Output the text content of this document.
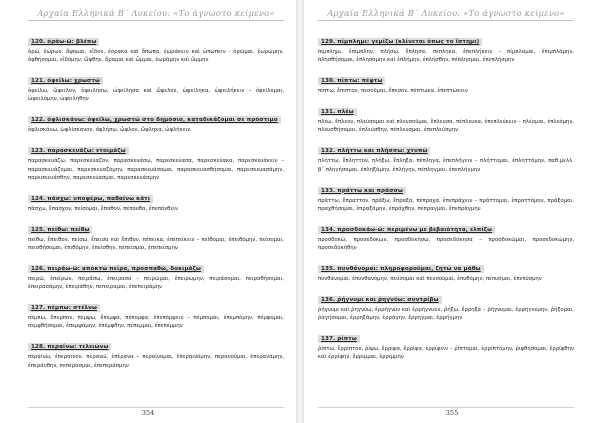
Αρχαία Ελληνικά Β΄ Λυκείου: «Το άγνωστο κείμενο»
120. ὁράω-ῶ: βλέπω

ὁρῶ, ἑώρων, ὄψομαι, εἶδον, ἑόρακα καὶ ὄπωπα, ἑωράκειν καὶ ὠπώπειν - ὁρῶμαι, ἑωρώμην, ὀφθήσομαι, εἰδόμην, ὤφθην, ὅραμαι καὶ ὦμμαι, ἑωράμην καὶ ὤμμην

121. ὀφείλω: χρωστώ

ὀφείλω, ὤφειλον, ὀφειλήσω, ὠφείλησα καὶ ὤφελον, ὠφείληκα, ὠφειλήκειν – ὀφείλομαι, ὠφειλόμην, ὠφειλήθην

122. ὀφλισκάνω: ὀφείλω, χρωστώ στο δημόσιο, καταδικάζομαι σε πρόστιμο

ὀφλισκάνω, ὠφλίσκανον, ὀφλήσω, ὦφλον, ὤφληκα, ὠφλήκειν

123. παρασκευάζω: ετοιμάζω

παρασκευάζω, παρεσκεύαζον, παρασκευάσω, παρεσκεύασα, παρεσκεύακα, παρεσκευάκειν – παρασκευάζομαι, παρεσκευαζόμην, παρασκευάσομαι, παρασκευασθήσομαι, παρεσκευασάμην, παρεσκευάσθην, παρεσκεύασμαι, παρεσκευάσμην

124. πάσχω: υποφέρω, παθαίνω κάτι

πάσχω, ἔπασχον, πείσομαι, ἔπαθον, πέπονθα, ἐπεπόνθειν

125. πείθω: πείθω

πείθω, ἔπειθον, πείσω, ἔπεισα καὶ ἔπιθον, πέπεικα, ἐπεπείκειν – πείθομαι, ἐπειθόμην, πείσομαι, πεισθήσομαι, ἐπιθόμην, ἐπείσθην, πέπεισμαι, ἐπεπείσμην

126. πειράω-ῶ: αποκτώ πείρα, προσπαθώ, δοκιμάζω

πειρῶ, ἐπείρων, πειράσω, ἐπείρασα – πειρῶμαι, ἐπειρώμην, πειράσομαι, πειραθήσομαι, ἐπειρασάμην, ἐπειράθην, πεπείραμαι, ἐπεπειράμην

127. πέμπω: στέλνω

πέμπω, ἔπεμπον, πέμψω, ἔπεμψα, πέπομφα, ἐπεπόμφειν – πέμπομαι, ἐπεμπόμην, πέμψομαι, πεμφθήσομαι, ἐπεμψάμην, ἐπέμφθην, πέπεμμαι, ἐπεπέμμην

128. περαίνω: τελειώνω

περαίνω, ἐπέραινον, περανῶ, ἐπέρανα – περαίνομαι, ἐπεραινόμην, περανοῦμαι, ἐπερανάμην, ἐπεράνθην, πεπέρασμαι, ἐπεπεράσμην

354
Αρχαία Ελληνικά Β΄ Λυκείου: «Το άγνωστο κείμενο»
129. πίμπλημι: γεμίζω (κλίνεται όπως το ἵστημι)

πίμπλημι, ἐπίμπλην, πλήσω, ἔπλησα, πέπληκα, ἐπεπλήκειν – πίμπλαμαι, ἐπιμπλάμην, πλησθήσομαι, ἐπλησάμην καὶ ἐπλήμην, ἐπλήσθην, πέπλησμαι, ἐπεπλήσμην

130. πίπτω: πέφτω

πίπτω, ἔπιπτον, πεσοῦμαι, ἔπεσον, πέπτωκα, ἐπεπτώκειν

131. πλέω

πλέω, ἔπλεον, πλεύσομαι καὶ πλευσοῦμαι, ἔπλευσα, πέπλευκα, ἐπεπλεύκειν – πλέομαι, ἐπλεόμην, πλευσθήσομαι, ἐπλεύσθην, πέπλευσμαι, ἐπεπλεύσμην

132. πλήττω και πλήσσω: χτυπώ

πλήττω, ἔπληττον, πλήξω, ἔπληξα, πέπληγα, ἐπεπλήγειν – πλήττομαι, ἐπληττόμην, παθ.μελλ. β΄ πληγήσομαι, ἐπληξάμην, ἐπλήγην, πέπληγμαι, ἐπεπλήγμην

133. πράττω και πράσσω

πράττω, ἔπραττον, πράξω, ἔπραξα, πέπραχα, ἐπεπράχειν – πράττομαι, ἐπραττόμην, πράξομαι, πραχθήσομαι, ἐπραξάμην, ἐπράχθην, πέπραγμαι, ἐπεπράγμην

134. προσδοκάω-ῶ: περιμένω με βεβαιότητα, ελπίζω

προσδοκῶ, προσεδόκων, προσδοκήσω, προσεδόκησα – προσδοκῶμαι, προσεδοκώμην, προσεδοκήθην

135. πυνθάνομαι: πληροφορούμαι, ζητώ να μάθω

πυνθάνομαι, ἐπυνθανόμην, πεύσομαι καὶ πευσοῦμαι, ἐπυθόμην, πέπυσμαι, ἐπεπύσμην

136. ῥήγνυμι και ῥηγνύω: συντρίβω

ῥήγνυμι καὶ ῥηγνύω, ἐρρήγνυν καὶ ἐρρήγνυον, ῥήξω, ἔρρηξα – ῥήγνυμαι, ἐρρηγνύμην, ῥήξομαι, ῥαγήσομαι, ἐρρηξάμην, ἐρράγην, ἔρρηγμαι, ἐρρήγμην

137. ῥίπτω

ῥίπτω, ἔρριπτον, ῥίψω, ἔρριψα, ἔρριφα, ἐρρίφειν – ῥίπτομαι, ἐρριπτόμην, ῥιφθήσομαι, ἐρρίφθην καὶ ἐρρίφην, ἔρριμμαι, ἐρρίμμην

355
